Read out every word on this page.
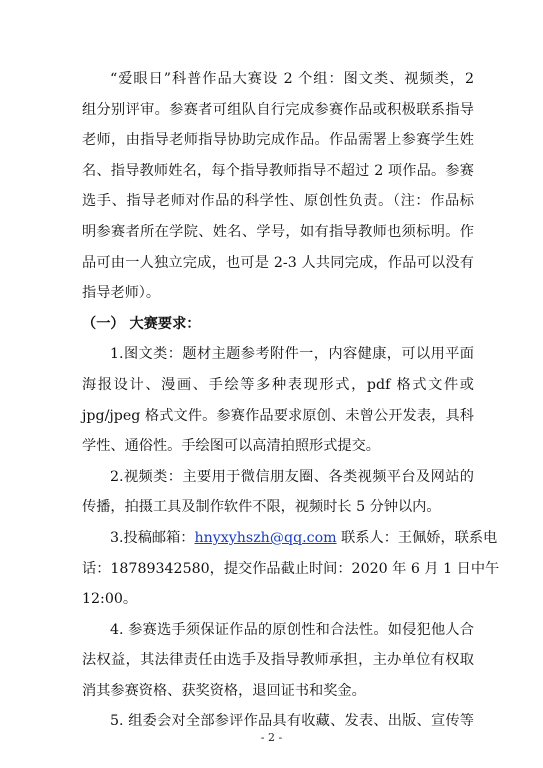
“爱眼日”科普作品大赛设 2 个组：图文类、视频类，2
组分别评审。参赛者可组队自行完成参赛作品或积极联系指导
老师，由指导老师指导协助完成作品。作品需署上参赛学生姓
名、指导教师姓名，每个指导教师指导不超过 2 项作品。参赛
选手、指导老师对作品的科学性、原创性负责。（注：作品标
明参赛者所在学院、姓名、学号，如有指导教师也须标明。作
品可由一人独立完成，也可是 2-3 人共同完成，作品可以没有
指导老师）。
（一） 大赛要求：
1.图文类：题材主题参考附件一，内容健康，可以用平面
海报设计、漫画、手绘等多种表现形式，pdf 格式文件或
jpg/jpeg 格式文件。参赛作品要求原创、未曾公开发表，具科
学性、通俗性。手绘图可以高清拍照形式提交。
2.视频类：主要用于微信朋友圈、各类视频平台及网站的
传播，拍摄工具及制作软件不限，视频时长 5 分钟以内。
3.投稿邮箱：hnyxyhszh@qq.com 联系人：王佩娇，联系电
话：18789342580，提交作品截止时间：2020 年 6 月 1 日中午
12:00。
4. 参赛选手须保证作品的原创性和合法性。如侵犯他人合
法权益，其法律责任由选手及指导教师承担，主办单位有权取
消其参赛资格、获奖资格，退回证书和奖金。
5. 组委会对全部参评作品具有收藏、发表、出版、宣传等
- 2 -
